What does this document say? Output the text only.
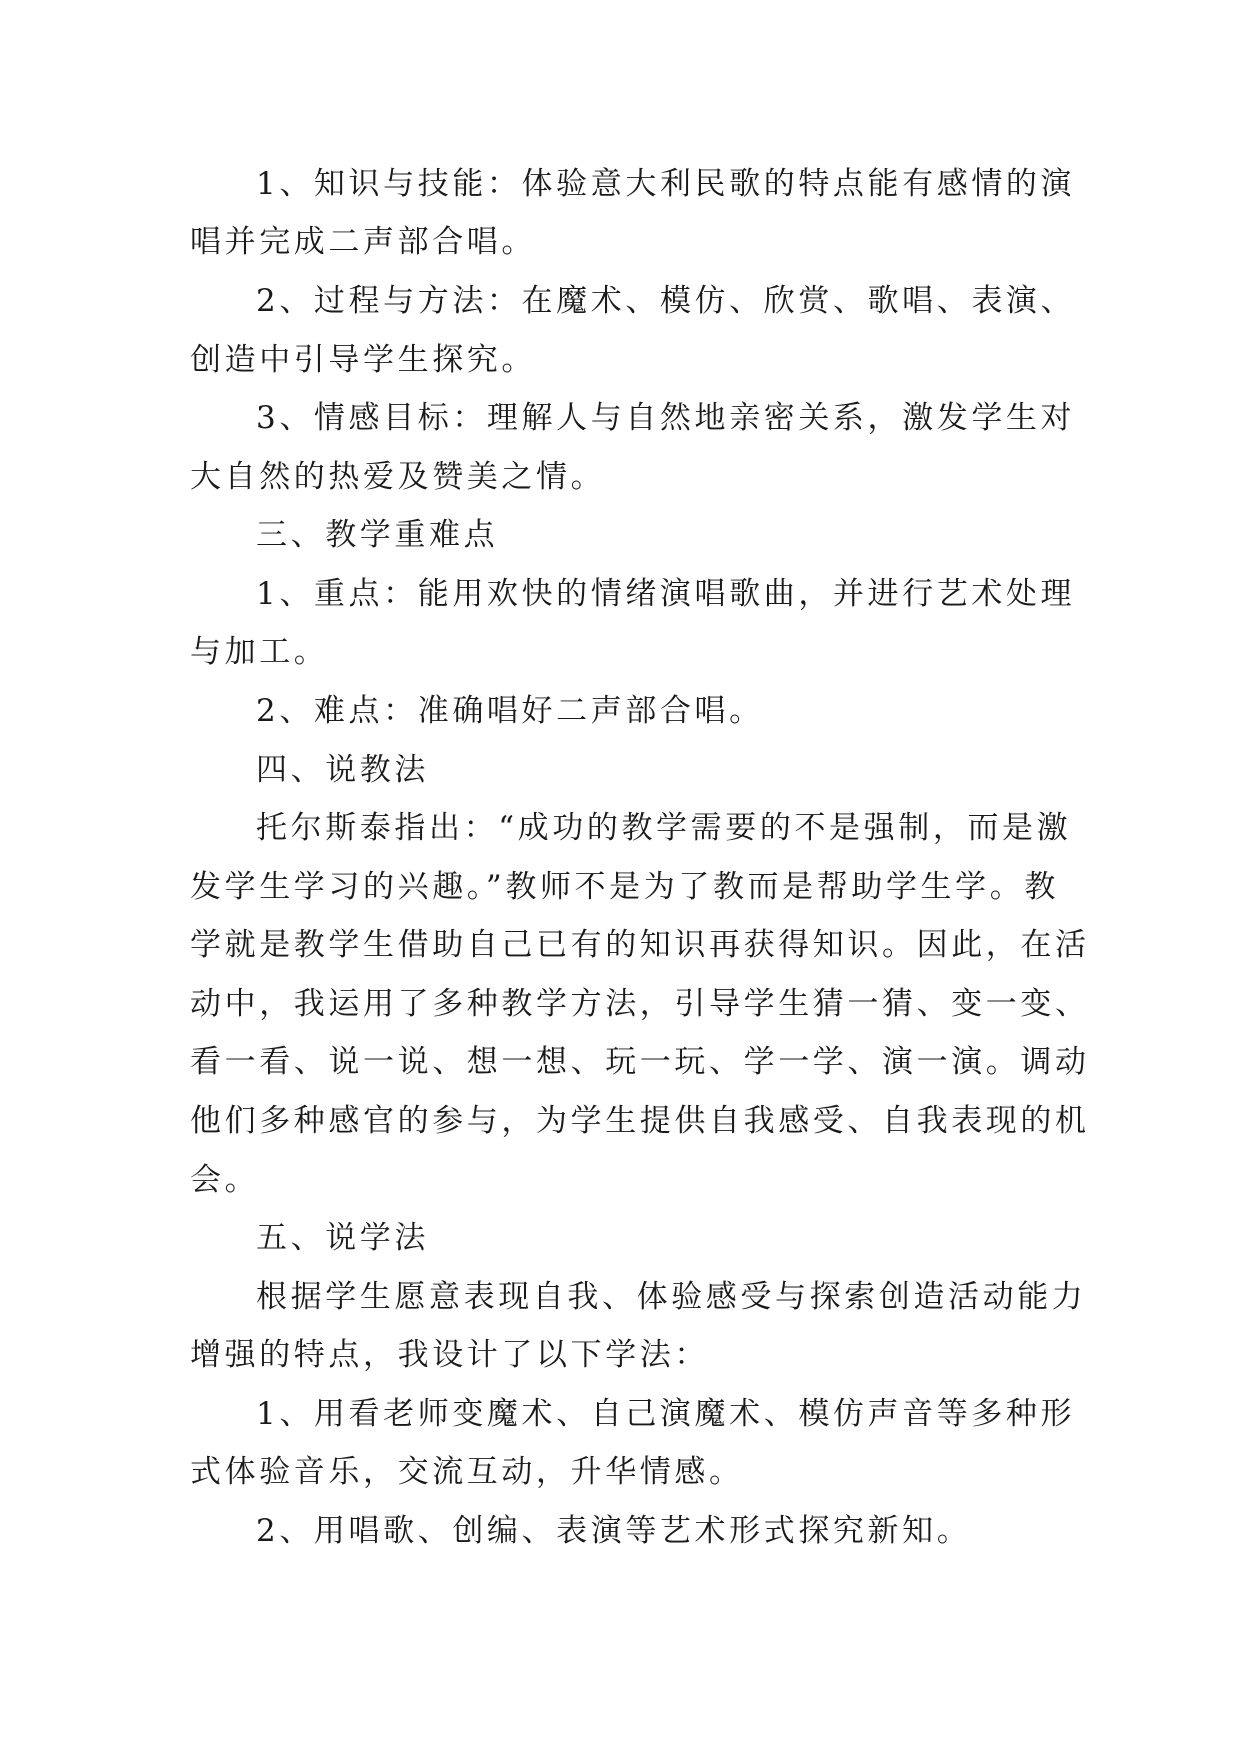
1、知识与技能：体验意大利民歌的特点能有感情的演
唱并完成二声部合唱。
2、过程与方法：在魔术、模仿、欣赏、歌唱、表演、
创造中引导学生探究。
3、情感目标：理解人与自然地亲密关系，激发学生对
大自然的热爱及赞美之情。
三、教学重难点
1、重点：能用欢快的情绪演唱歌曲，并进行艺术处理
与加工。
2、难点：准确唱好二声部合唱。
四、说教法
托尔斯泰指出：“成功的教学需要的不是强制，而是激
发学生学习的兴趣。”教师不是为了教而是帮助学生学。教
学就是教学生借助自己已有的知识再获得知识。因此，在活
动中，我运用了多种教学方法，引导学生猜一猜、变一变、
看一看、说一说、想一想、玩一玩、学一学、演一演。调动
他们多种感官的参与，为学生提供自我感受、自我表现的机
会。
五、说学法
根据学生愿意表现自我、体验感受与探索创造活动能力
增强的特点，我设计了以下学法：
1、用看老师变魔术、自己演魔术、模仿声音等多种形
式体验音乐，交流互动，升华情感。
2、用唱歌、创编、表演等艺术形式探究新知。
